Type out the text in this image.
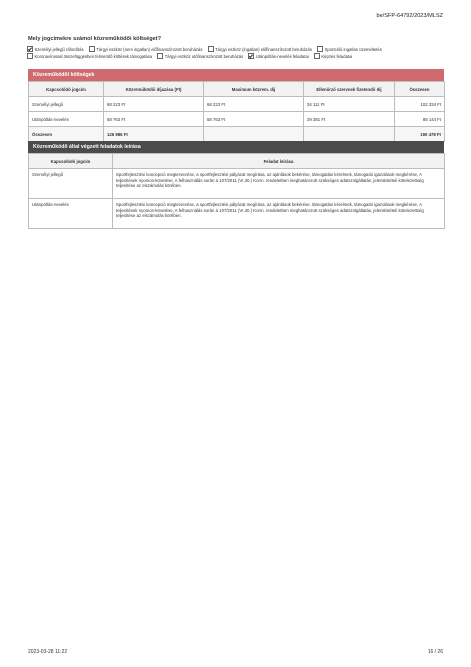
be/SFP-64792/2023/MLSZ
Mely jogcímekre számol közreműködői költséget?
Személyi jellegű ráfordítás	Tárgyi eszköz (nem ingatlan) előfinanszírozott beruházás	Tárgyi eszköz (ingatlan) előfinanszírozott beruházás	Sportcélú ingatlan üzemeltetés
Koronavírussal összefüggésben felmerülő költések támogatása	Tárgyi eszköz utófinanszírozott beruházás	Utánpótlás-nevelés feladatai	Képzés feladatai
Közreműködői költségek
Kapcsolódó jogcím	Közreműködői díjazása (Ft)	Maximum közrem. díj	Ellenőrző szervnek fizetendő díj	Összesen
Személyi jellegű	68 223 Ft	68 223 Ft	34 111 Ft	102 334 Ft
Utánpótlás-nevelés	58 763 Ft	58 763 Ft	29 381 Ft	88 144 Ft
Összesen	126 986 Ft			190 478 Ft
Közreműködő által végzett feladatok leírása
Kapcsolódó jogcím	Feladat leírása
Személyi jellegű	Sportfejlesztési koncepció megtervezése, a sportfejlesztési pályázat megírása, az ajánlások bekérése, támogatási kérelmek, támogatói igazolások megkérése, A teljesítések nyomon-követése, A felhasználás során a 107/2011 (VI.30.) Korm. rendeletben meghatározott szükséges adatszolgáltatás, jelentéstételi kötelezettség teljesítése az elszámolás körében.
Utánpótlás-nevelés	Sportfejlesztési koncepció megtervezése, a sportfejlesztési pályázat megírása, az ajánlások bekérése, támogatási kérelmek, támogatói igazolások megkérése, A teljesítések nyomon-követése, A felhasználás során a 107/2011 (VI.30.) Korm. rendeletben meghatározott szükséges adatszolgáltatás, jelentéstételi kötelezettség teljesítése az elszámolás körében.
2023-03-28 11:22	16 / 26
